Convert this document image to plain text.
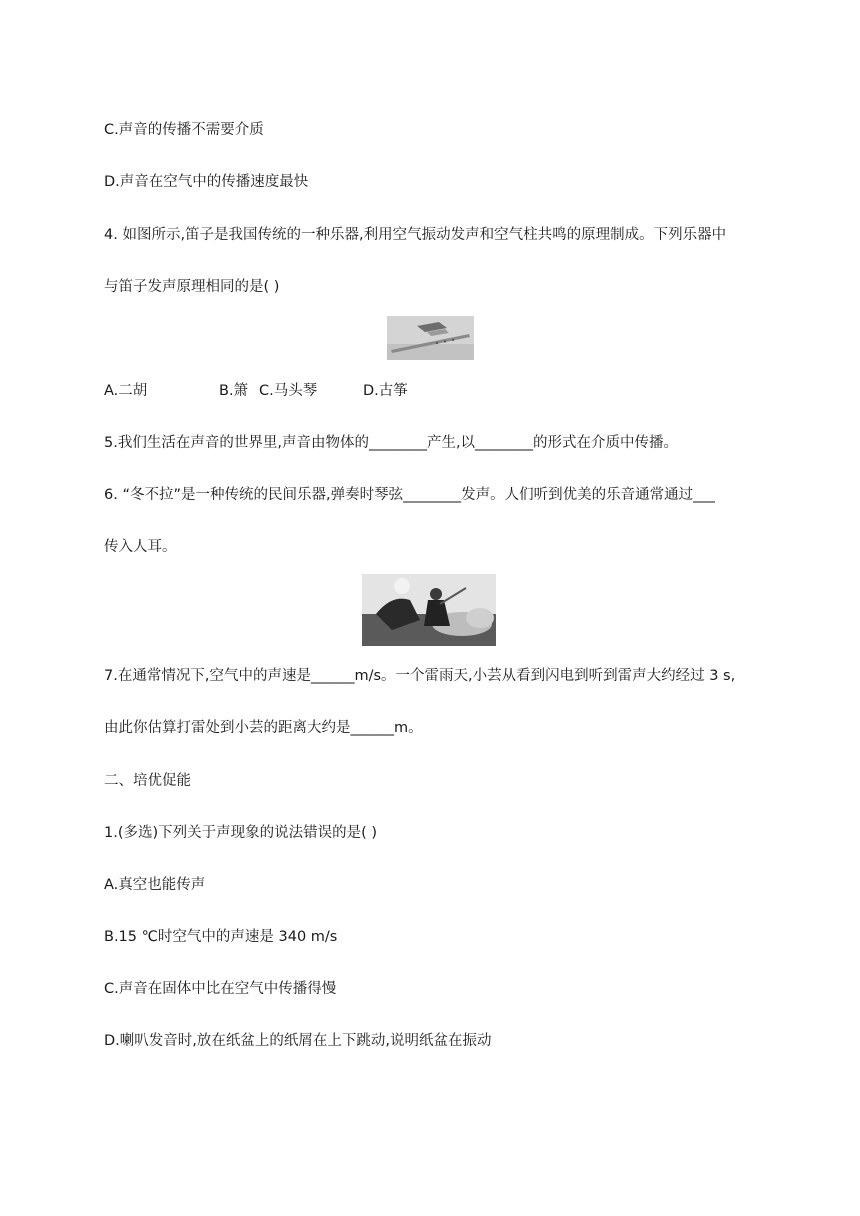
C.声音的传播不需要介质
D.声音在空气中的传播速度最快
4. 如图所示,笛子是我国传统的一种乐器,利用空气振动发声和空气柱共鸣的原理制成。下列乐器中
与笛子发声原理相同的是( )
A.二胡	B.箫 C.马头琴	D.古筝
5.我们生活在声音的世界里,声音由物体的________产生,以________的形式在介质中传播。
6. “冬不拉”是一种传统的民间乐器,弹奏时琴弦________发声。人们听到优美的乐音通常通过___
传入人耳。
7.在通常情况下,空气中的声速是______m/s。一个雷雨天,小芸从看到闪电到听到雷声大约经过 3 s,
由此你估算打雷处到小芸的距离大约是______m。
二、培优促能
1.(多选)下列关于声现象的说法错误的是( )
A.真空也能传声
B.15 ℃时空气中的声速是 340 m/s
C.声音在固体中比在空气中传播得慢
D.喇叭发音时,放在纸盆上的纸屑在上下跳动,说明纸盆在振动
